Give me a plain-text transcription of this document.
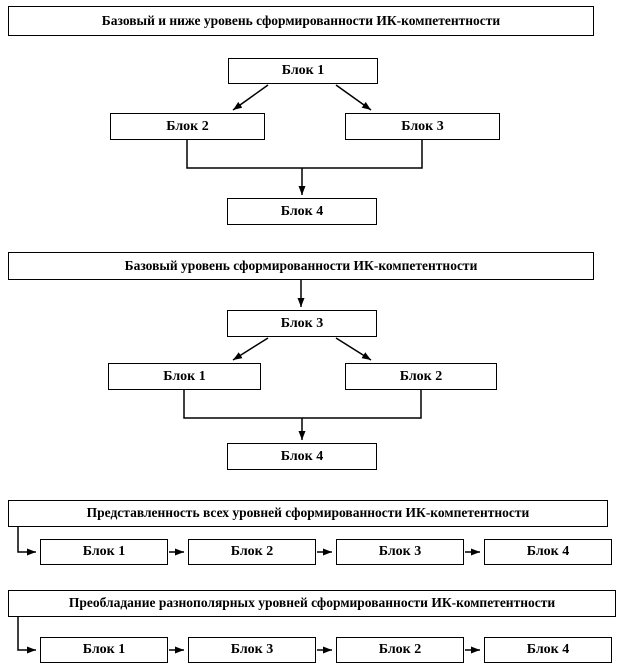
Базовый и ниже уровень сформированности ИК-компетентности
Блок 1
Блок 2	Блок 3
Блок 4
Базовый уровень сформированности ИК-компетентности
Блок 3
Блок 1	Блок 2
Блок 4
Представленность всех уровней сформированности ИК-компетентности
Блок 1	Блок 2	Блок 3	Блок 4
Преобладание разнополярных уровней сформированности ИК-компетентности
Блок 1	Блок 3	Блок 2	Блок 4
